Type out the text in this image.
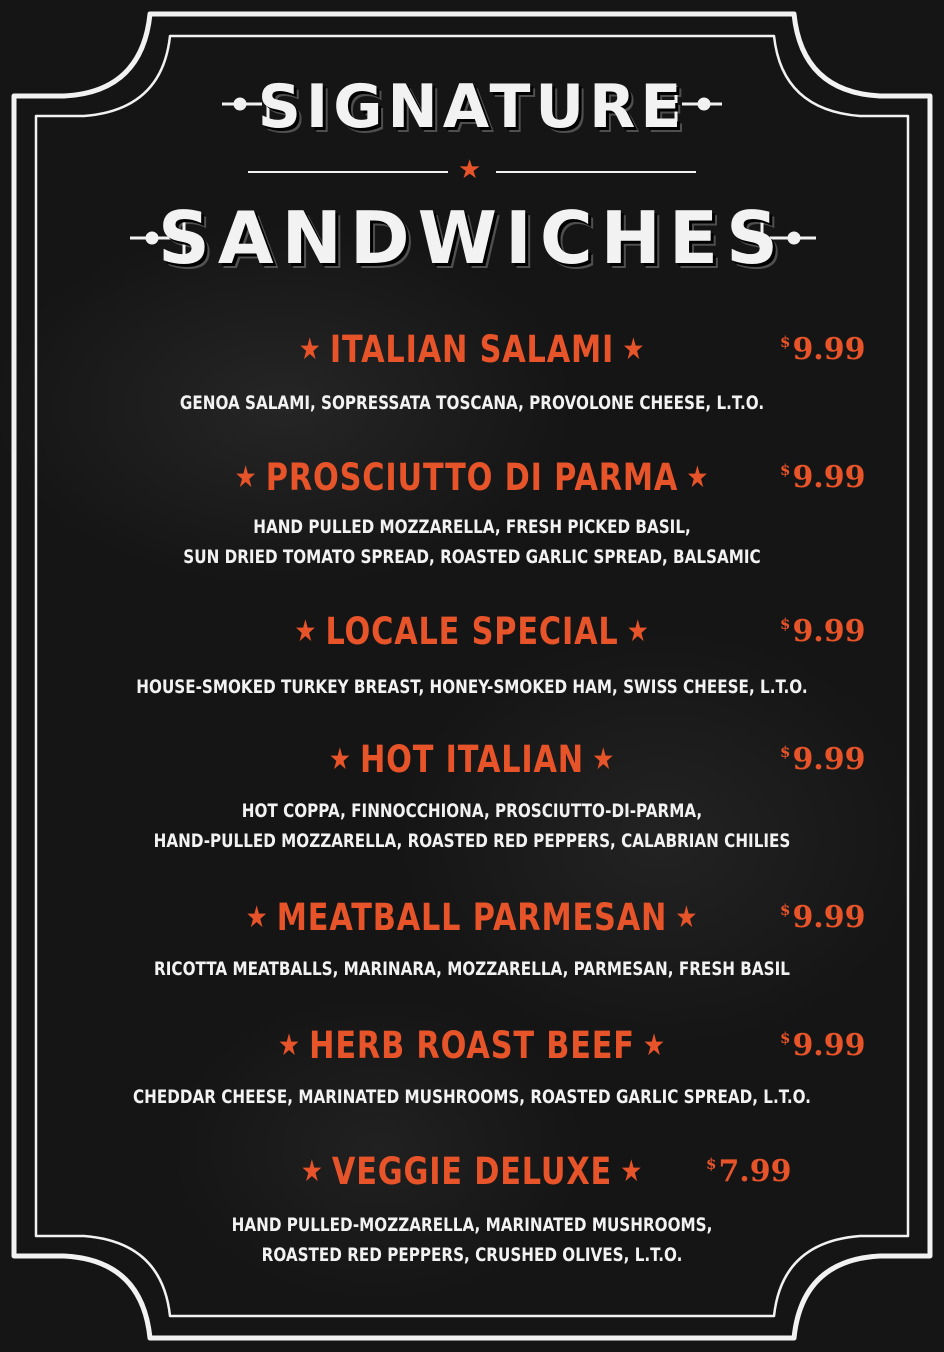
SIGNATURE
★
SANDWICHES
★ ITALIAN SALAMI ★	$9.99
GENOA SALAMI, SOPRESSATA TOSCANA, PROVOLONE CHEESE, L.T.O.
★ PROSCIUTTO DI PARMA ★	$9.99
HAND PULLED MOZZARELLA, FRESH PICKED BASIL,
SUN DRIED TOMATO SPREAD, ROASTED GARLIC SPREAD, BALSAMIC
★ LOCALE SPECIAL ★	$9.99
HOUSE-SMOKED TURKEY BREAST, HONEY-SMOKED HAM, SWISS CHEESE, L.T.O.
★ HOT ITALIAN ★	$9.99
HOT COPPA, FINNOCCHIONA, PROSCIUTTO-DI-PARMA,
HAND-PULLED MOZZARELLA, ROASTED RED PEPPERS, CALABRIAN CHILIES
★ MEATBALL PARMESAN ★	$9.99
RICOTTA MEATBALLS, MARINARA, MOZZARELLA, PARMESAN, FRESH BASIL
★ HERB ROAST BEEF ★	$9.99
CHEDDAR CHEESE, MARINATED MUSHROOMS, ROASTED GARLIC SPREAD, L.T.O.
★ VEGGIE DELUXE ★	$7.99
HAND PULLED-MOZZARELLA, MARINATED MUSHROOMS,
ROASTED RED PEPPERS, CRUSHED OLIVES, L.T.O.
